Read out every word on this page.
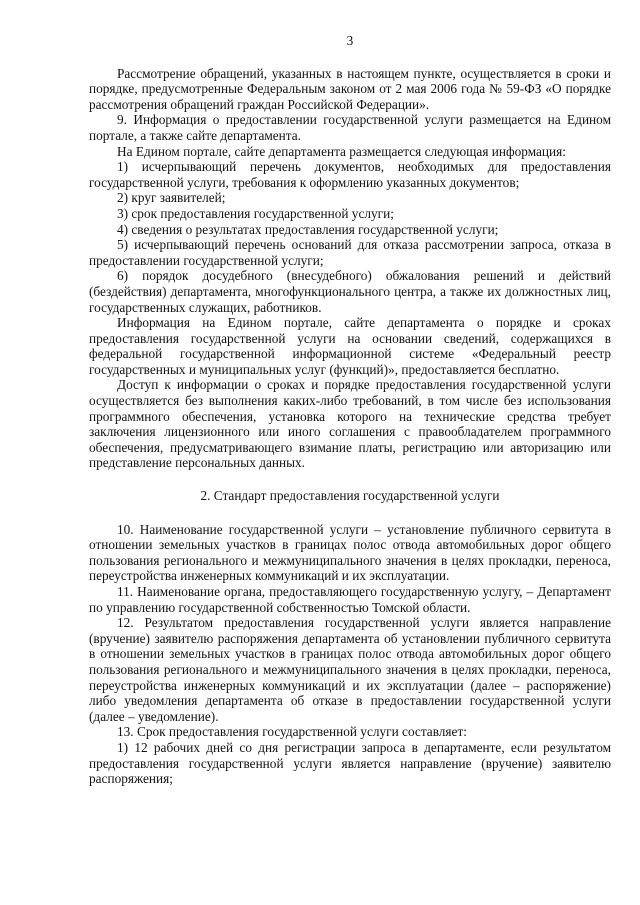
3

Рассмотрение обращений, указанных в настоящем пункте, осуществляется в сроки и порядке, предусмотренные Федеральным законом от 2 мая 2006 года № 59-ФЗ «О порядке рассмотрения обращений граждан Российской Федерации».

9. Информация о предоставлении государственной услуги размещается на Едином портале, а также сайте департамента.

На Едином портале, сайте департамента размещается следующая информация:

1) исчерпывающий перечень документов, необходимых для предоставления государственной услуги, требования к оформлению указанных документов;

2) круг заявителей;

3) срок предоставления государственной услуги;

4) сведения о результатах предоставления государственной услуги;

5) исчерпывающий перечень оснований для отказа рассмотрении запроса, отказа в предоставлении государственной услуги;

6) порядок досудебного (внесудебного) обжалования решений и действий (бездействия) департамента, многофункционального центра, а также их должностных лиц, государственных служащих, работников.

Информация на Едином портале, сайте департамента о порядке и сроках предоставления государственной услуги на основании сведений, содержащихся в федеральной государственной информационной системе «Федеральный реестр государственных и муниципальных услуг (функций)», предоставляется бесплатно.

Доступ к информации о сроках и порядке предоставления государственной услуги осуществляется без выполнения каких-либо требований, в том числе без использования программного обеспечения, установка которого на технические средства требует заключения лицензионного или иного соглашения с правообладателем программного обеспечения, предусматривающего взимание платы, регистрацию или авторизацию или представление персональных данных.

2. Стандарт предоставления государственной услуги

10. Наименование государственной услуги – установление публичного сервитута в отношении земельных участков в границах полос отвода автомобильных дорог общего пользования регионального и межмуниципального значения в целях прокладки, переноса, переустройства инженерных коммуникаций и их эксплуатации.

11. Наименование органа, предоставляющего государственную услугу, – Департамент по управлению государственной собственностью Томской области.

12. Результатом предоставления государственной услуги является направление (вручение) заявителю распоряжения департамента об установлении публичного сервитута в отношении земельных участков в границах полос отвода автомобильных дорог общего пользования регионального и межмуниципального значения в целях прокладки, переноса, переустройства инженерных коммуникаций и их эксплуатации (далее – распоряжение) либо уведомления департамента об отказе в предоставлении государственной услуги (далее – уведомление).

13. Срок предоставления государственной услуги составляет:

1) 12 рабочих дней со дня регистрации запроса в департаменте, если результатом предоставления государственной услуги является направление (вручение) заявителю распоряжения;
